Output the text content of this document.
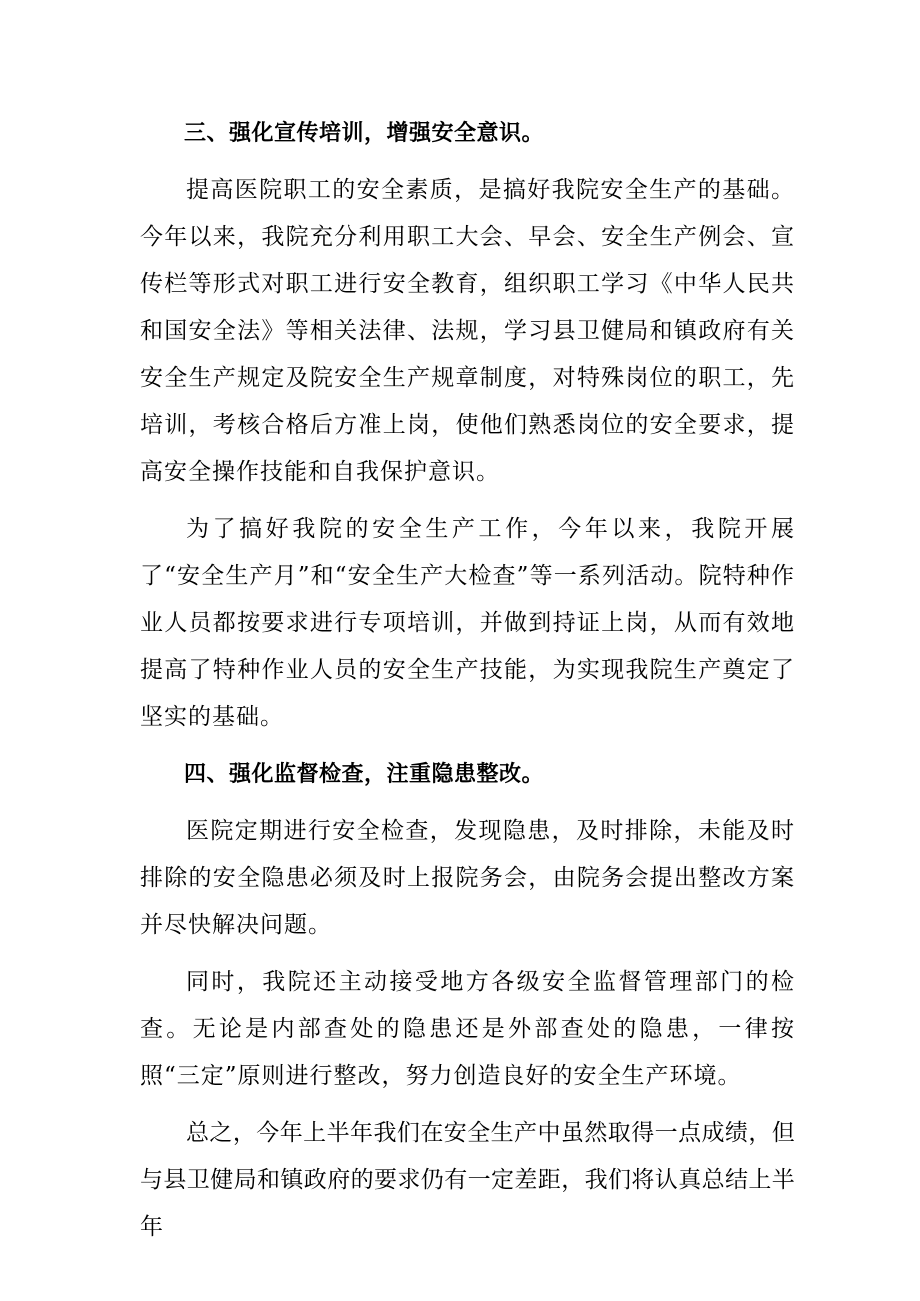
三、强化宣传培训，增强安全意识。

提高医院职工的安全素质，是搞好我院安全生产的基础。今年以来，我院充分利用职工大会、早会、安全生产例会、宣传栏等形式对职工进行安全教育，组织职工学习《中华人民共和国安全法》等相关法律、法规，学习县卫健局和镇政府有关安全生产规定及院安全生产规章制度，对特殊岗位的职工，先培训，考核合格后方准上岗，使他们熟悉岗位的安全要求，提高安全操作技能和自我保护意识。

为了搞好我院的安全生产工作，今年以来，我院开展了“安全生产月”和“安全生产大检查”等一系列活动。院特种作业人员都按要求进行专项培训，并做到持证上岗，从而有效地提高了特种作业人员的安全生产技能，为实现我院生产奠定了坚实的基础。

四、强化监督检查，注重隐患整改。

医院定期进行安全检查，发现隐患，及时排除，未能及时排除的安全隐患必须及时上报院务会，由院务会提出整改方案并尽快解决问题。

同时，我院还主动接受地方各级安全监督管理部门的检查。无论是内部查处的隐患还是外部查处的隐患，一律按照“三定”原则进行整改，努力创造良好的安全生产环境。

总之，今年上半年我们在安全生产中虽然取得一点成绩，但与县卫健局和镇政府的要求仍有一定差距，我们将认真总结上半年
